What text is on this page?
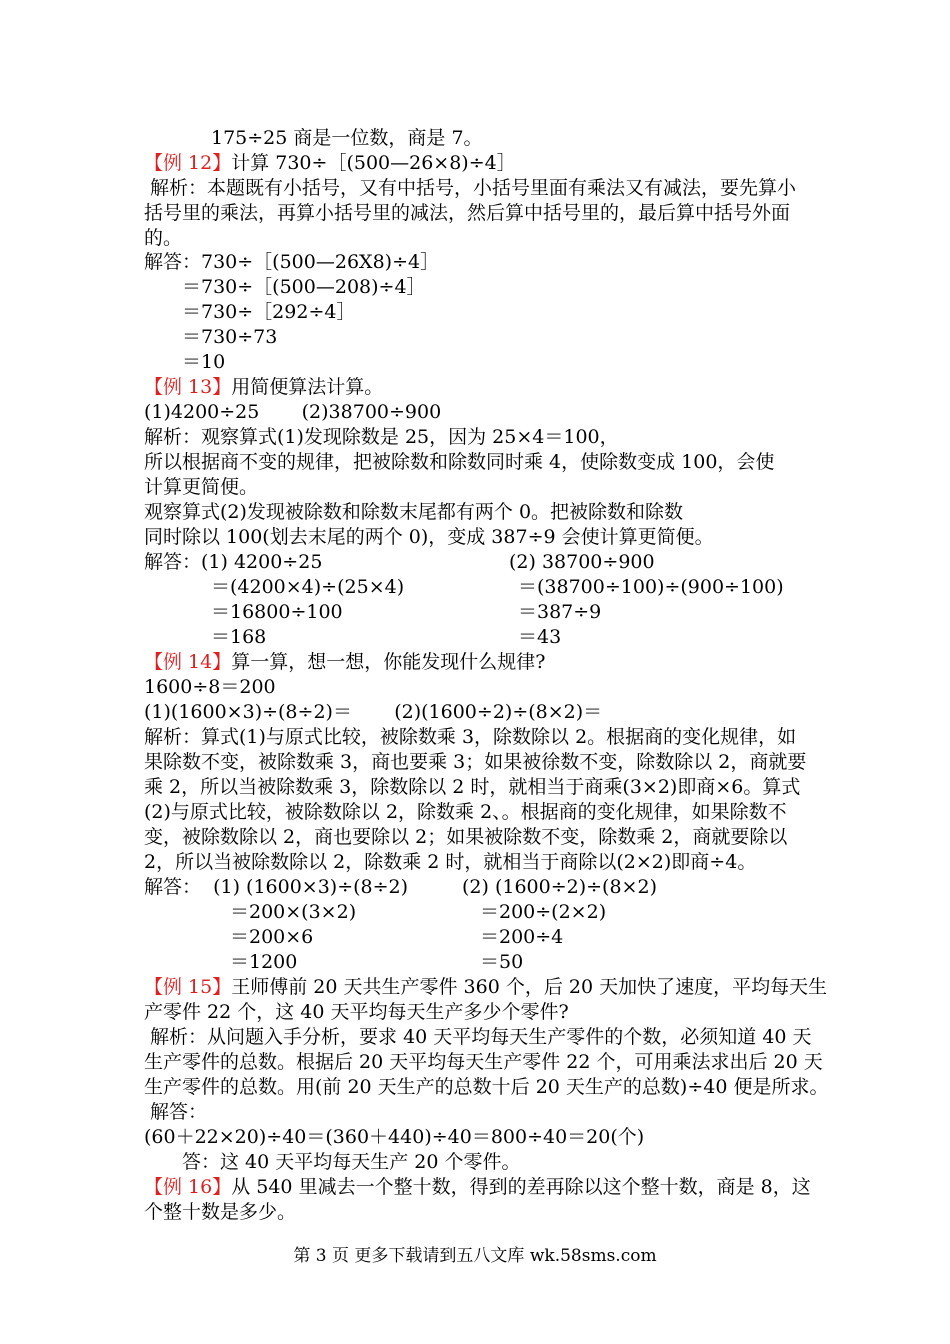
175÷25 商是一位数，商是 7。
【例 12】计算 730÷［(500—26×8)÷4］
解析：本题既有小括号，又有中括号，小括号里面有乘法又有减法，要先算小
括号里的乘法，再算小括号里的减法，然后算中括号里的，最后算中括号外面
的。
解答：730÷［(500—26X8)÷4］
＝730÷［(500—208)÷4］
＝730÷［292÷4］
＝730÷73
＝10
【例 13】用简便算法计算。
(1)4200÷25       (2)38700÷900
解析：观察算式(1)发现除数是 25，因为 25×4＝100，
所以根据商不变的规律，把被除数和除数同时乘 4，使除数变成 100，会使
计算更简便。
观察算式(2)发现被除数和除数末尾都有两个 0。把被除数和除数
同时除以 100(划去末尾的两个 0)，变成 387÷9 会使计算更简便。
解答：(1) 4200÷25	(2) 38700÷900
＝(4200×4)÷(25×4)	＝(38700÷100)÷(900÷100)
＝16800÷100	＝387÷9
＝168	＝43
【例 14】算一算，想一想，你能发现什么规律?
1600÷8＝200
(1)(1600×3)÷(8÷2)＝       (2)(1600÷2)÷(8×2)＝
解析：算式(1)与原式比较，被除数乘 3，除数除以 2。根据商的变化规律，如
果除数不变，被除数乘 3，商也要乘 3；如果被徐数不变，除数除以 2，商就要
乘 2，所以当被除数乘 3，除数除以 2 时，就相当于商乘(3×2)即商×6。算式
(2)与原式比较，被除数除以 2，除数乘 2、。根据商的变化规律，如果除数不
变，被除数除以 2，商也要除以 2；如果被除数不变，除数乘 2，商就要除以
2，所以当被除数除以 2，除数乘 2 时，就相当于商除以(2×2)即商÷4。
解答：  (1) (1600×3)÷(8÷2)	(2) (1600÷2)÷(8×2)
＝200×(3×2)	＝200÷(2×2)
＝200×6	＝200÷4
＝1200	＝50
【例 15】王师傅前 20 天共生产零件 360 个，后 20 天加快了速度，平均每天生
产零件 22 个，这 40 天平均每天生产多少个零件?
解析：从问题入手分析，要求 40 天平均每天生产零件的个数，必须知道 40 天
生产零件的总数。根据后 20 天平均每天生产零件 22 个，可用乘法求出后 20 天
生产零件的总数。用(前 20 天生产的总数十后 20 天生产的总数)÷40 便是所求。
解答：
(60＋22×20)÷40＝(360＋440)÷40＝800÷40＝20(个)
答：这 40 天平均每天生产 20 个零件。
【例 16】从 540 里减去一个整十数，得到的差再除以这个整十数，商是 8，这
个整十数是多少。
第 3 页 更多下载请到五八文库 wk.58sms.com
